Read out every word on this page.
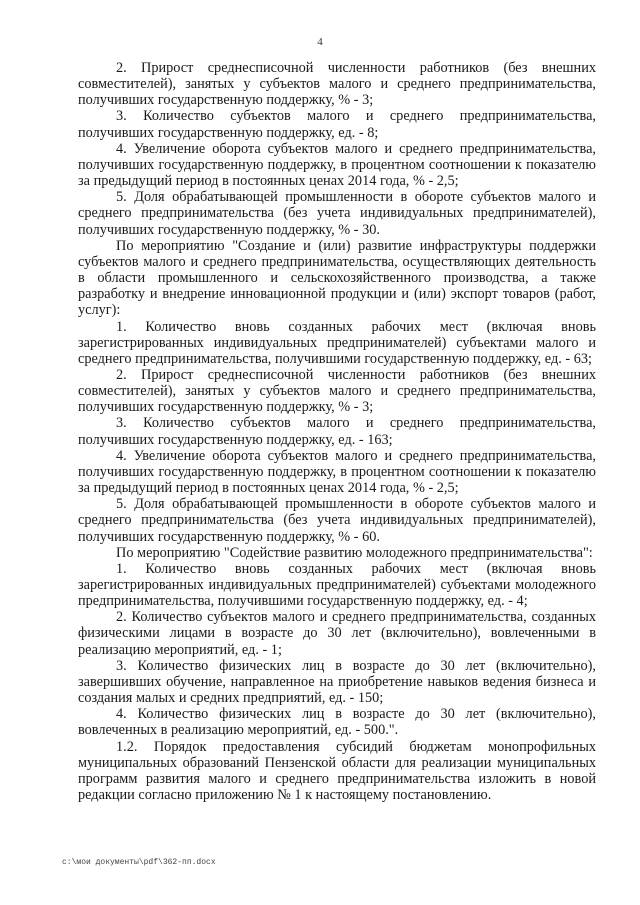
4

2. Прирост среднесписочной численности работников (без внешних совместителей), занятых у субъектов малого и среднего предпринимательства, получивших государственную поддержку, % - 3;

3. Количество субъектов малого и среднего предпринимательства, получивших государственную поддержку, ед. - 8;

4. Увеличение оборота субъектов малого и среднего предпринимательства, получивших государственную поддержку, в процентном соотношении к показателю за предыдущий период в постоянных ценах 2014 года, % - 2,5;

5. Доля обрабатывающей промышленности в обороте субъектов малого и среднего предпринимательства (без учета индивидуальных предпринимателей), получивших государственную поддержку, % - 30.

По мероприятию "Создание и (или) развитие инфраструктуры поддержки субъектов малого и среднего предпринимательства, осуществляющих деятельность в области промышленного и сельскохозяйственного производства, а также разработку и внедрение инновационной продукции и (или) экспорт товаров (работ, услуг):

1. Количество вновь созданных рабочих мест (включая вновь зарегистрированных индивидуальных предпринимателей) субъектами малого и среднего предпринимательства, получившими государственную поддержку, ед. - 63;

2. Прирост среднесписочной численности работников (без внешних совместителей), занятых у субъектов малого и среднего предпринимательства, получивших государственную поддержку, % - 3;

3. Количество субъектов малого и среднего предпринимательства, получивших государственную поддержку, ед. - 163;

4. Увеличение оборота субъектов малого и среднего предпринимательства, получивших государственную поддержку, в процентном соотношении к показателю за предыдущий период в постоянных ценах 2014 года, % - 2,5;

5. Доля обрабатывающей промышленности в обороте субъектов малого и среднего предпринимательства (без учета индивидуальных предпринимателей), получивших государственную поддержку, % - 60.

По мероприятию "Содействие развитию молодежного предпринимательства":

1. Количество вновь созданных рабочих мест (включая вновь зарегистрированных индивидуальных предпринимателей) субъектами молодежного предпринимательства, получившими государственную поддержку, ед. - 4;

2. Количество субъектов малого и среднего предпринимательства, созданных физическими лицами в возрасте до 30 лет (включительно), вовлеченными в реализацию мероприятий, ед. - 1;

3. Количество физических лиц в возрасте до 30 лет (включительно), завершивших обучение, направленное на приобретение навыков ведения бизнеса и создания малых и средних предприятий, ед. - 150;

4. Количество физических лиц в возрасте до 30 лет (включительно), вовлеченных в реализацию мероприятий, ед. - 500.".

1.2. Порядок предоставления субсидий бюджетам монопрофильных муниципальных образований Пензенской области для реализации муниципальных программ развития малого и среднего предпринимательства изложить в новой редакции согласно приложению № 1 к настоящему постановлению.

c:\мои документы\pdf\362-пп.docx
